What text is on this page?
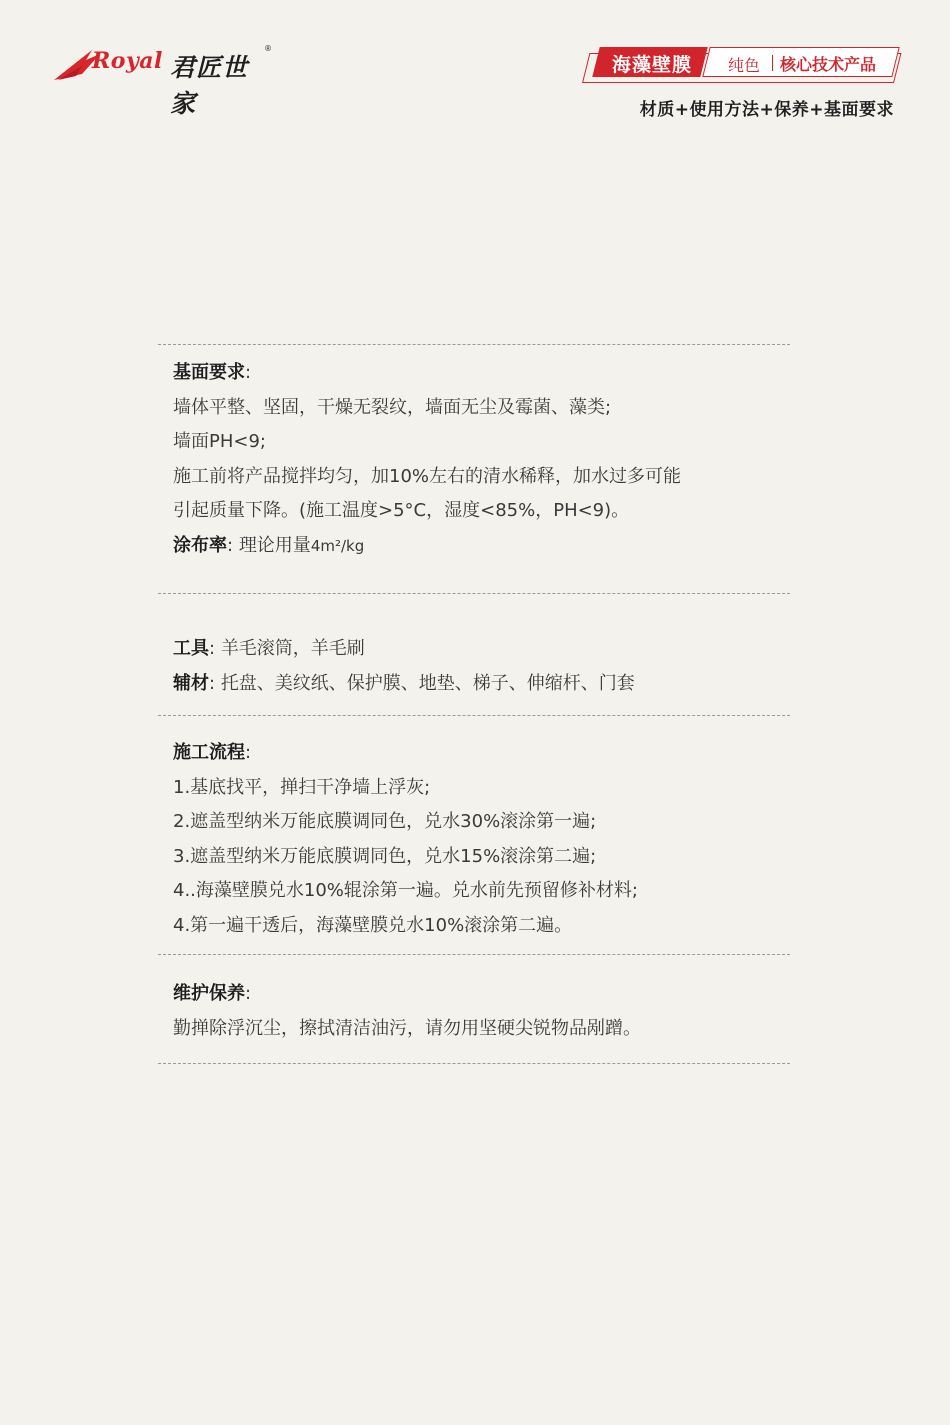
Royal 君匠世家
®
海藻壁膜	纯色 核心技术产品
材质+使用方法+保养+基面要求
基面要求:
墙体平整、坚固，干燥无裂纹，墙面无尘及霉菌、藻类;
墙面PH<9;
施工前将产品搅拌均匀，加10%左右的清水稀释，加水过多可能
引起质量下降。(施工温度>5°C，湿度<85%，PH<9)。
涂布率: 理论用量4m²/kg
工具: 羊毛滚筒，羊毛刷
辅材: 托盘、美纹纸、保护膜、地垫、梯子、伸缩杆、门套
施工流程:
1.基底找平，掸扫干净墙上浮灰;
2.遮盖型纳米万能底膜调同色，兑水30%滚涂第一遍;
3.遮盖型纳米万能底膜调同色，兑水15%滚涂第二遍;
4..海藻壁膜兑水10%辊涂第一遍。兑水前先预留修补材料;
4.第一遍干透后，海藻壁膜兑水10%滚涂第二遍。
维护保养:
勤掸除浮沉尘，擦拭清洁油污，请勿用坚硬尖锐物品剐蹭。
